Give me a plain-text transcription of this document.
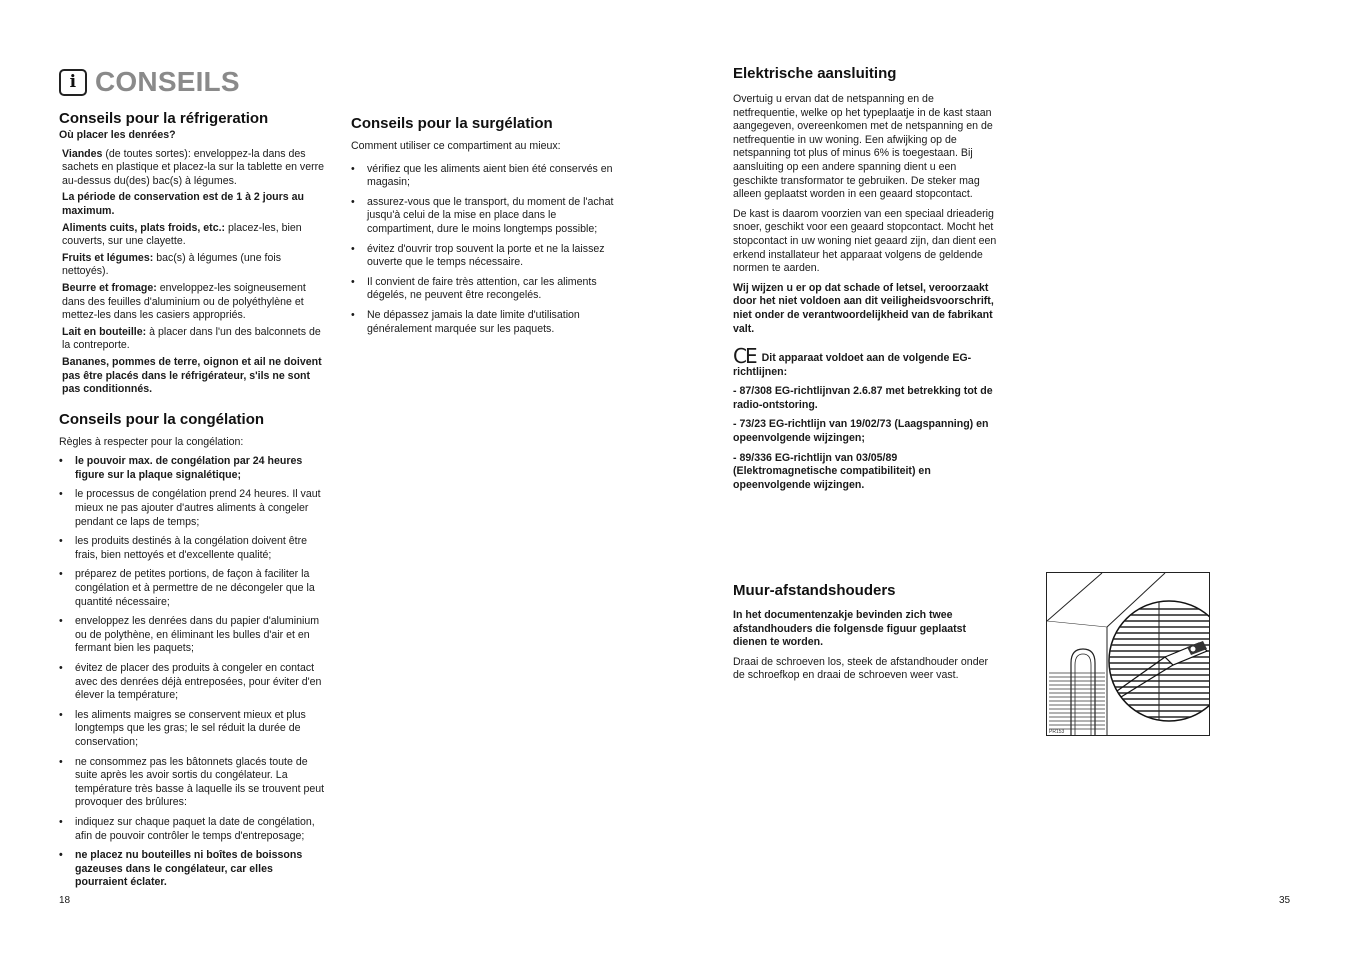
i CONSEILS
Conseils pour la réfrigeration

Où placer les denrées?

Viandes (de toutes sortes): enveloppez-la dans des sachets en plastique et placez-la sur la tablette en verre au-dessus du(des) bac(s) à légumes.

La période de conservation est de 1 à 2 jours au maximum.

Aliments cuits, plats froids, etc.: placez-les, bien couverts, sur une clayette.

Fruits et légumes: bac(s) à légumes (une fois nettoyés).

Beurre et fromage: enveloppez-les soigneusement dans des feuilles d'aluminium ou de polyéthylène et mettez-les dans les casiers appropriés.

Lait en bouteille: à placer dans l'un des balconnets de la contreporte.

Bananes, pommes de terre, oignon et ail ne doivent pas être placés dans le réfrigérateur, s'ils ne sont pas conditionnés.

Conseils pour la congélation

Règles à respecter pour la congélation:

• le pouvoir max. de congélation par 24 heures figure sur la plaque signalétique;
• le processus de congélation prend 24 heures. Il vaut mieux ne pas ajouter d'autres aliments à congeler pendant ce laps de temps;
• les produits destinés à la congélation doivent être frais, bien nettoyés et d'excellente qualité;
• préparez de petites portions, de façon à faciliter la congélation et à permettre de ne décongeler que la quantité nécessaire;
• enveloppez les denrées dans du papier d'aluminium ou de polythène, en éliminant les bulles d'air et en fermant bien les paquets;
• évitez de placer des produits à congeler en contact avec des denrées déjà entreposées, pour éviter d'en élever la température;
• les aliments maigres se conservent mieux et plus longtemps que les gras; le sel réduit la durée de conservation;
• ne consommez pas les bâtonnets glacés toute de suite après les avoir sortis du congélateur. La température très basse à laquelle ils se trouvent peut provoquer des brûlures:
• indiquez sur chaque paquet la date de congélation, afin de pouvoir contrôler le temps d'entreposage;
• ne placez nu bouteilles ni boîtes de boissons gazeuses dans le congélateur, car elles pourraient éclater.
Conseils pour la surgélation

Comment utiliser ce compartiment au mieux:

• vérifiez que les aliments aient bien été conservés en magasin;
• assurez-vous que le transport, du moment de l'achat jusqu'à celui de la mise en place dans le compartiment, dure le moins longtemps possible;
• évitez d'ouvrir trop souvent la porte et ne la laissez ouverte que le temps nécessaire.
• Il convient de faire très attention, car les aliments dégelés, ne peuvent être recongelés.
• Ne dépassez jamais la date limite d'utilisation généralement marquée sur les paquets.
Elektrische aansluiting

Overtuig u ervan dat de netspanning en de netfrequentie, welke op het typeplaatje in de kast staan aangegeven, overeenkomen met de netspanning en de netfrequentie in uw woning. Een afwijking op de netspanning tot plus of minus 6% is toegestaan. Bij aansluiting op een andere spanning dient u een geschikte transformator te gebruiken. De steker mag alleen geplaatst worden in een geaard stopcontact.

De kast is daarom voorzien van een speciaal drieaderig snoer, geschikt voor een geaard stopcontact. Mocht het stopcontact in uw woning niet geaard zijn, dan dient een erkend installateur het apparaat volgens de geldende normen te aarden.

Wij wijzen u er op dat schade of letsel, veroorzaakt door het niet voldoen aan dit veiligheidsvoorschrift, niet onder de verantwoordelijkheid van de fabrikant valt.

CE Dit apparaat voldoet aan de volgende EG-richtlijnen:

- 87/308 EG-richtlijnvan 2.6.87 met betrekking tot de radio-ontstoring.

- 73/23 EG-richtlijn van 19/02/73 (Laagspanning) en opeenvolgende wijzingen;

- 89/336 EG-richtlijn van 03/05/89 (Elektromagnetische compatibiliteit) en opeenvolgende wijzingen.

Muur-afstandshouders

In het documentenzakje bevinden zich twee afstandhouders die folgensde figuur geplaatst dienen te worden.

Draai de schroeven los, steek de afstandhouder onder de schroefkop en draai de schroeven weer vast.

PR153
18	35
